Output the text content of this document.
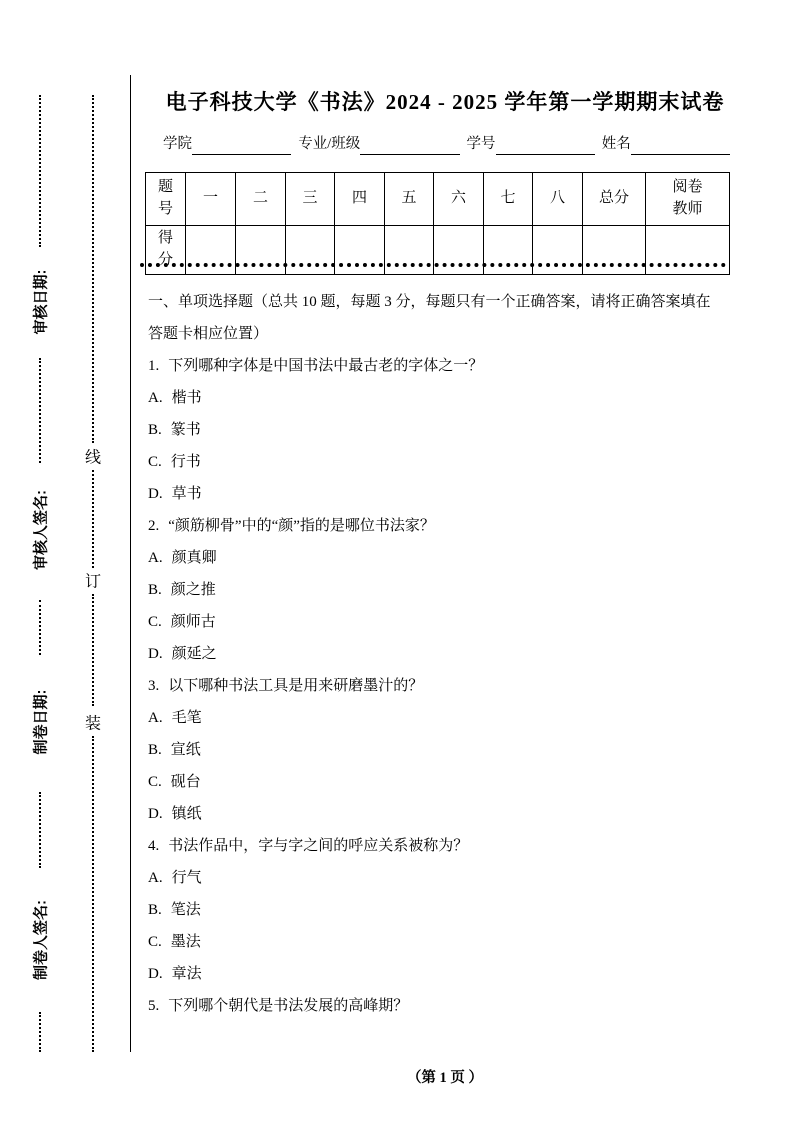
审核日期:
审核人签名:
制卷日期:
制卷人签名:
线
订
装
电子科技大学《书法》2024 - 2025 学年第一学期期末试卷
学院	专业/班级	学号	姓名
题号	一	二	三	四	五	六	七	八	总分	阅卷教师

得分										

一、单项选择题（总共 10 题，每题 3 分，每题只有一个正确答案，请将正确答案填在

答题卡相应位置）

1. 下列哪种字体是中国书法中最古老的字体之一？

A. 楷书

B. 篆书

C. 行书

D. 草书

2. “颜筋柳骨”中的“颜”指的是哪位书法家？

A. 颜真卿

B. 颜之推

C. 颜师古

D. 颜延之

3. 以下哪种书法工具是用来研磨墨汁的？

A. 毛笔

B. 宣纸

C. 砚台

D. 镇纸

4. 书法作品中，字与字之间的呼应关系被称为？

A. 行气

B. 笔法

C. 墨法

D. 章法

5. 下列哪个朝代是书法发展的高峰期？

（第 1 页 ）
